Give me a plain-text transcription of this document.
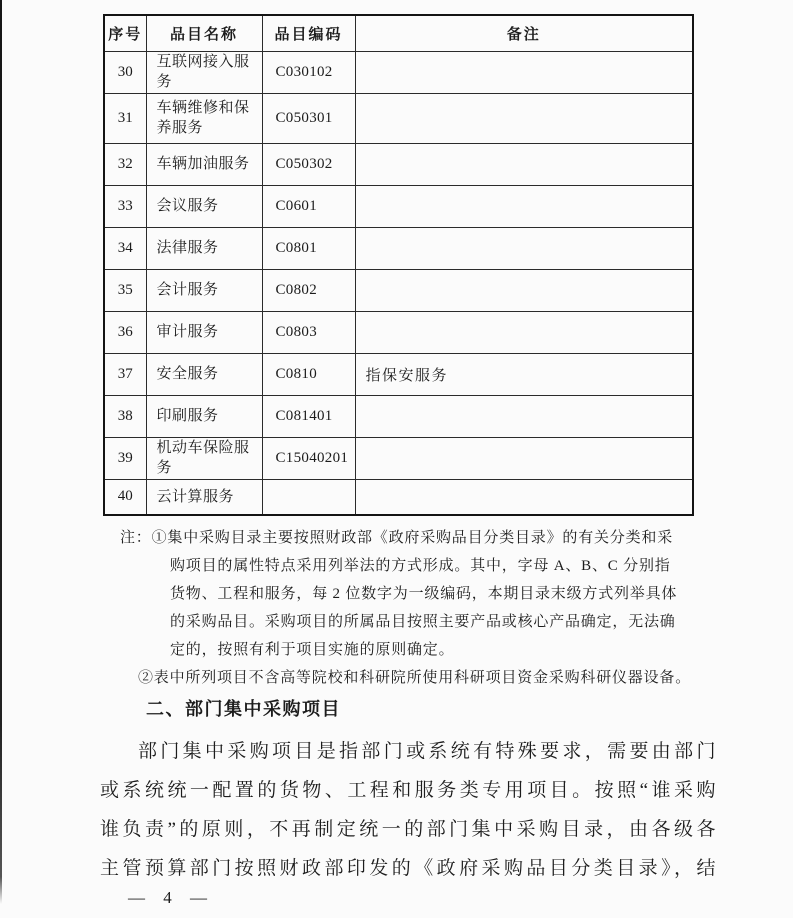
序号	品目名称	品目编码	备注
30	互联网接入服务	C030102	
31	车辆维修和保养服务	C050301	
32	车辆加油服务	C050302	
33	会议服务	C0601	
34	法律服务	C0801	
35	会计服务	C0802	
36	审计服务	C0803	
37	安全服务	C0810	指保安服务
38	印刷服务	C081401	
39	机动车保险服务	C15040201	
40	云计算服务		
注：①集中采购目录主要按照财政部《政府采购品目分类目录》的有关分类和采
购项目的属性特点采用列举法的方式形成。其中，字母 A、B、C 分别指
货物、工程和服务，每 2 位数字为一级编码，本期目录末级方式列举具体
的采购品目。采购项目的所属品目按照主要产品或核心产品确定，无法确
定的，按照有利于项目实施的原则确定。
②表中所列项目不含高等院校和科研院所使用科研项目资金采购科研仪器设备。
二、部门集中采购项目
部门集中采购项目是指部门或系统有特殊要求，需要由部门
或系统统一配置的货物、工程和服务类专用项目。按照“谁采购
谁负责”的原则，不再制定统一的部门集中采购目录，由各级各
主管预算部门按照财政部印发的《政府采购品目分类目录》，结
— 4 —
